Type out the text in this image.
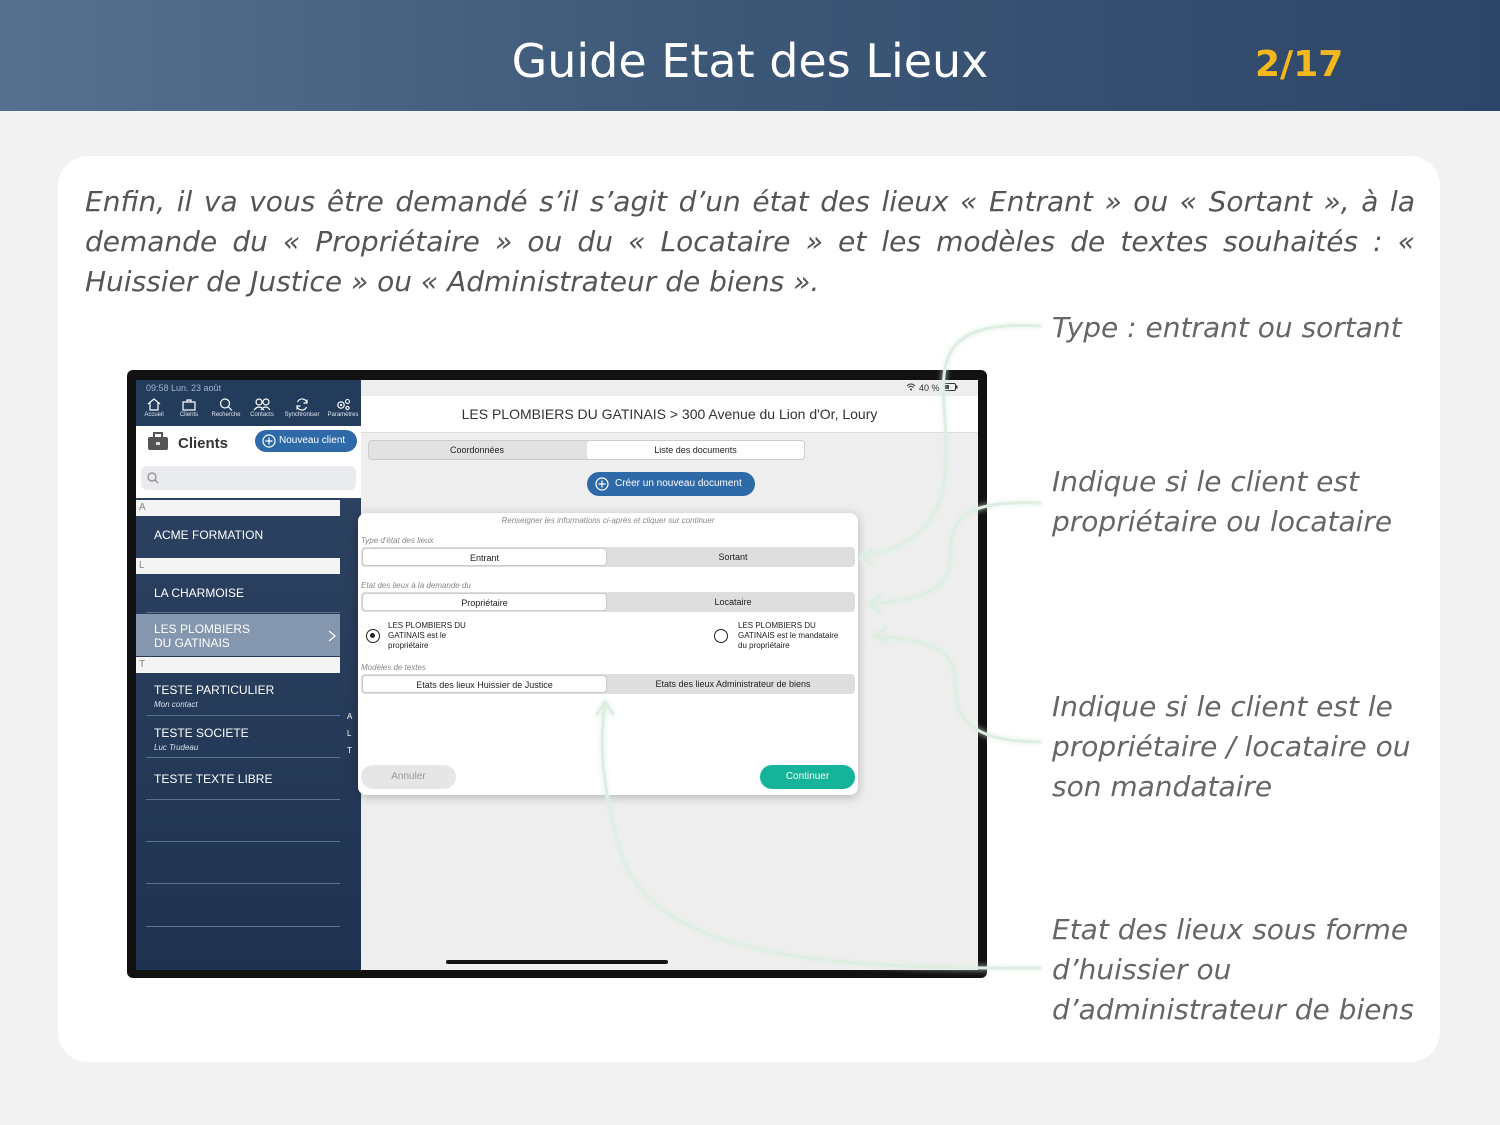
Guide Etat des Lieux	2/17
Enfin, il va vous être demandé s’il s’agit d’un état des lieux « Entrant » ou « Sortant », à la demande du « Propriétaire » ou du « Locataire » et les modèles de textes souhaités : « Huissier de Justice » ou « Administrateur de biens ».
Type : entrant ou sortant
Indique si le client est
propriétaire ou locataire
Indique si le client est le
propriétaire / locataire ou
son mandataire
Etat des lieux sous forme
d’huissier ou
d’administrateur de biens
09:58 Lun. 23 août
Accueil	Clients	Recherche	Contacts	Synchroniser	Paramètres
Clients	Nouveau client
A
ACME FORMATION
L
LA CHARMOISE
LES PLOMBIERS
DU GATINAIS
T
TESTE PARTICULIER
Mon contact
TESTE SOCIETE
Luc Trudeau
TESTE TEXTE LIBRE
A
L
T
40 %
LES PLOMBIERS DU GATINAIS > 300 Avenue du Lion d'Or, Loury
Coordonnées	Liste des documents
Créer un nouveau document
Renseigner les informations ci-après et cliquer sur continuer
Type d'état des lieux
Entrant	Sortant
Etat des lieux à la demande du
Propriétaire	Locataire
LES PLOMBIERS DU
GATINAIS est le
propriétaire
LES PLOMBIERS DU
GATINAIS est le mandataire
du propriétaire
Modèles de textes
Etats des lieux Huissier de Justice	Etats des lieux Administrateur de biens
Annuler	Continuer
